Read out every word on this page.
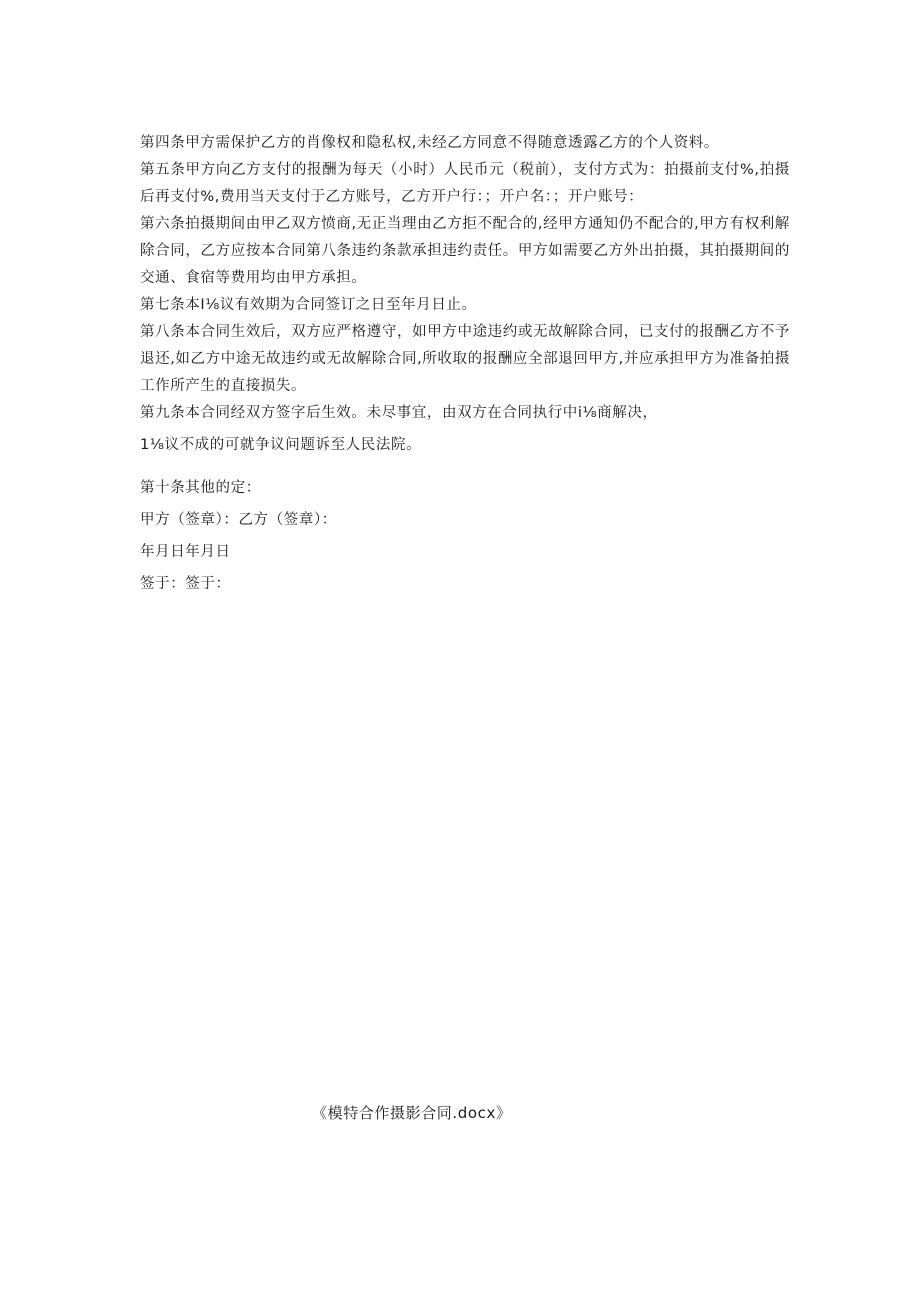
第四条甲方需保护乙方的肖像权和隐私权,未经乙方同意不得随意透露乙方的个人资料。

第五条甲方向乙方支付的报酬为每天（小时）人民币元（税前），支付方式为：拍摄前支付%,拍摄后再支付%,费用当天支付于乙方账号，乙方开户行：；开户名：；开户账号：

第六条拍摄期间由甲乙双方愤商,无正当理由乙方拒不配合的,经甲方通知仍不配合的,甲方有权利解除合同，乙方应按本合同第八条违约条款承担违约责任。甲方如需要乙方外出拍摄，其拍摄期间的交通、食宿等费用均由甲方承担。

第七条本I⅛议有效期为合同签订之日至年月日止。

第八条本合同生效后，双方应严格遵守，如甲方中途违约或无故解除合同，已支付的报酬乙方不予退还,如乙方中途无故违约或无故解除合同,所收取的报酬应全部退回甲方,并应承担甲方为准备拍摄工作所产生的直接损失。

第九条本合同经双方签字后生效。未尽事宜，由双方在合同执行中i⅛商解决，

1⅛议不成的可就争议问题诉至人民法院。

第十条其他的定：

甲方（签章）：乙方（签章）：

年月日年月日

签于：签于：

《模特合作摄影合同.docx》
